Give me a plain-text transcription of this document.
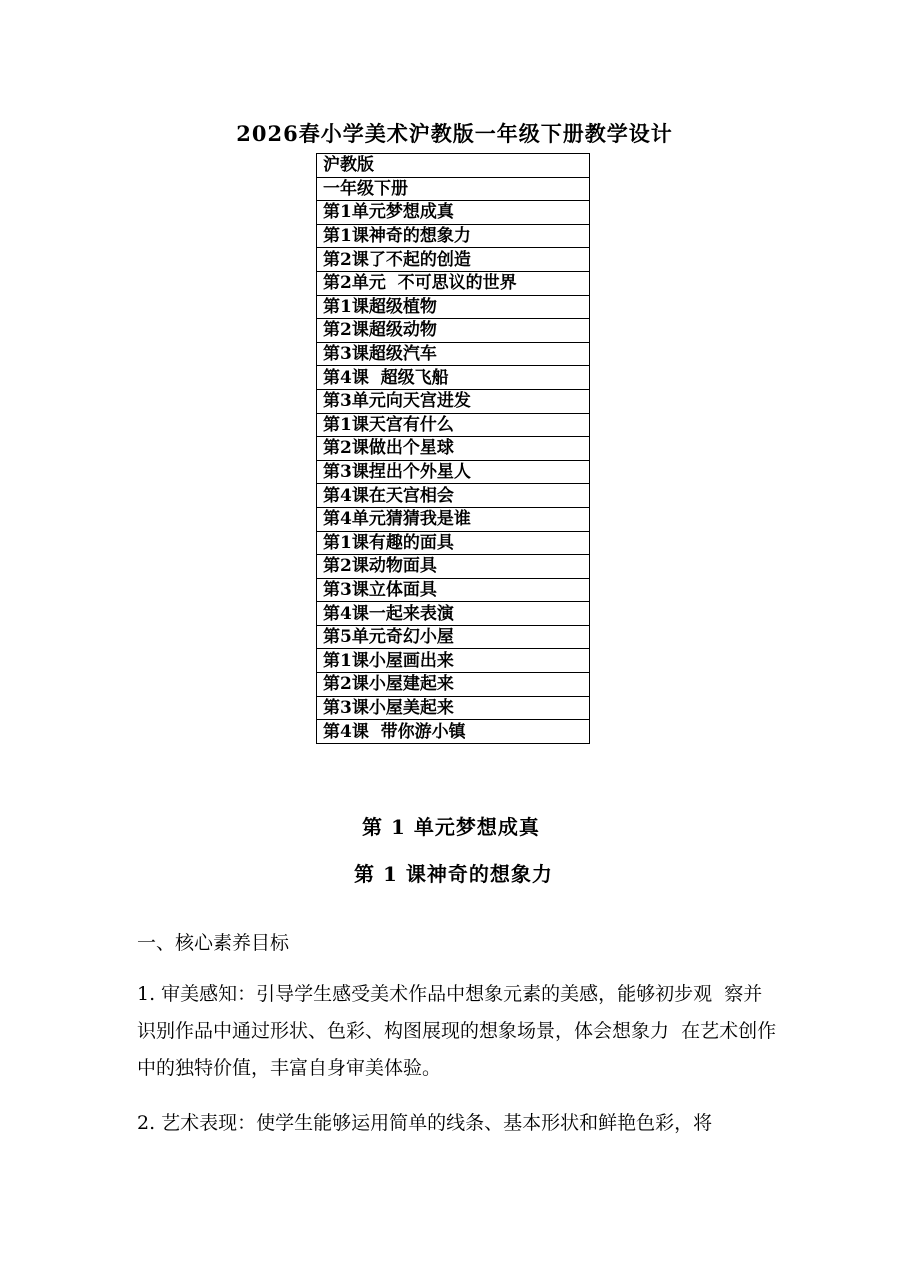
2026春小学美术沪教版一年级下册教学设计
沪教版
一年级下册
第1单元梦想成真
第1课神奇的想象力
第2课了不起的创造
第2单元  不可思议的世界
第1课超级植物
第2课超级动物
第3课超级汽车
第4课  超级飞船
第3单元向天宫进发
第1课天宫有什么
第2课做出个星球
第3课捏出个外星人
第4课在天宫相会
第4单元猜猜我是谁
第1课有趣的面具
第2课动物面具
第3课立体面具
第4课一起来表演
第5单元奇幻小屋
第1课小屋画出来
第2课小屋建起来
第3课小屋美起来
第4课  带你游小镇
第 1 单元梦想成真
第 1 课神奇的想象力
一、核心素养目标
1. 审美感知：引导学生感受美术作品中想象元素的美感，能够初步观  察并识别作品中通过形状、色彩、构图展现的想象场景，体会想象力  在艺术创作中的独特价值，丰富自身审美体验。
2. 艺术表现：使学生能够运用简单的线条、基本形状和鲜艳色彩，将
